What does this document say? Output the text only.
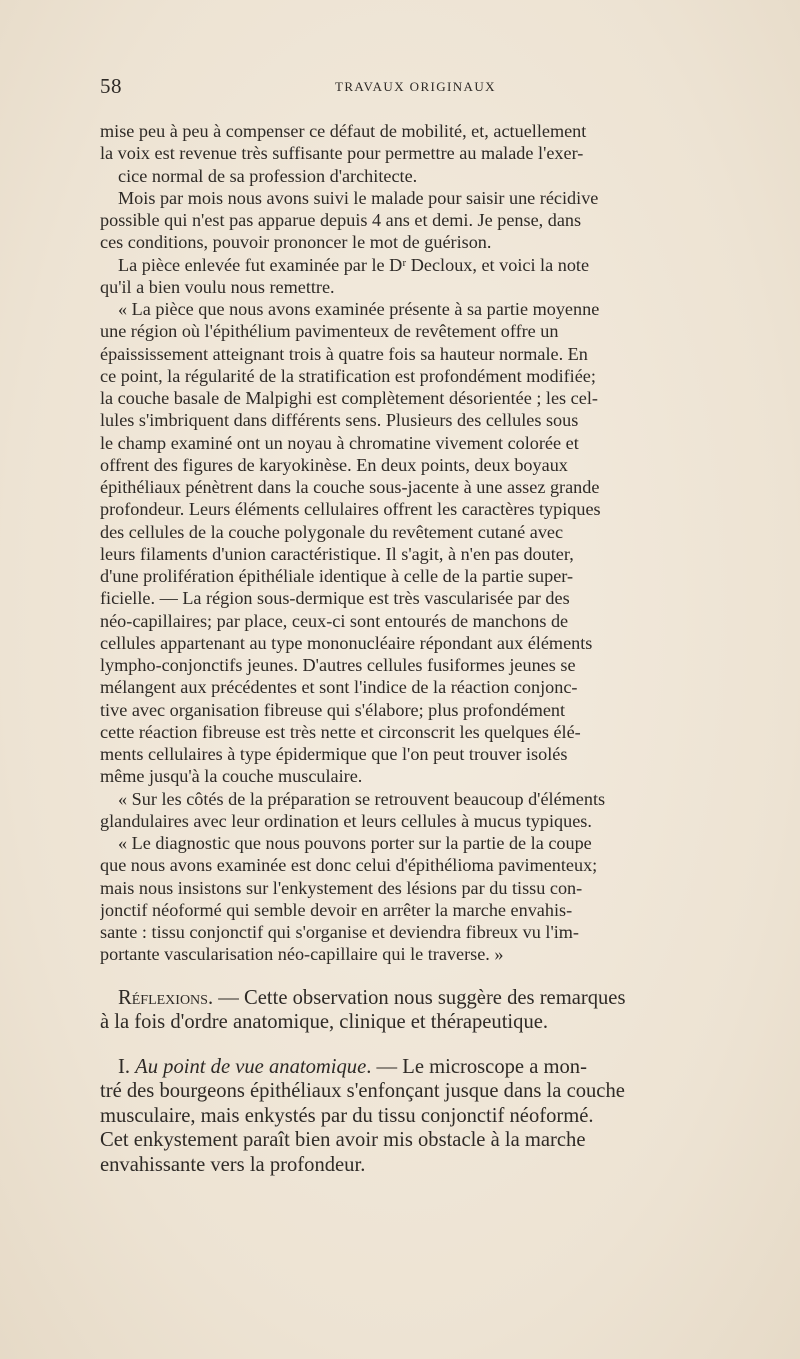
58	TRAVAUX ORIGINAUX
mise peu à peu à compenser ce défaut de mobilité, et, actuellement
la voix est revenue très suffisante pour permettre au malade l'exer-
cice normal de sa profession d'architecte.
Mois par mois nous avons suivi le malade pour saisir une récidive
possible qui n'est pas apparue depuis 4 ans et demi. Je pense, dans
ces conditions, pouvoir prononcer le mot de guérison.
La pièce enlevée fut examinée par le Dʳ Decloux, et voici la note
qu'il a bien voulu nous remettre.
« La pièce que nous avons examinée présente à sa partie moyenne
une région où l'épithélium pavimenteux de revêtement offre un
épaississement atteignant trois à quatre fois sa hauteur normale. En
ce point, la régularité de la stratification est profondément modifiée;
la couche basale de Malpighi est complètement désorientée ; les cel-
lules s'imbriquent dans différents sens. Plusieurs des cellules sous
le champ examiné ont un noyau à chromatine vivement colorée et
offrent des figures de karyokinèse. En deux points, deux boyaux
épithéliaux pénètrent dans la couche sous-jacente à une assez grande
profondeur. Leurs éléments cellulaires offrent les caractères typiques
des cellules de la couche polygonale du revêtement cutané avec
leurs filaments d'union caractéristique. Il s'agit, à n'en pas douter,
d'une prolifération épithéliale identique à celle de la partie super-
ficielle. — La région sous-dermique est très vascularisée par des
néo-capillaires; par place, ceux-ci sont entourés de manchons de
cellules appartenant au type mononucléaire répondant aux éléments
lympho-conjonctifs jeunes. D'autres cellules fusiformes jeunes se
mélangent aux précédentes et sont l'indice de la réaction conjonc-
tive avec organisation fibreuse qui s'élabore; plus profondément
cette réaction fibreuse est très nette et circonscrit les quelques élé-
ments cellulaires à type épidermique que l'on peut trouver isolés
même jusqu'à la couche musculaire.
« Sur les côtés de la préparation se retrouvent beaucoup d'éléments
glandulaires avec leur ordination et leurs cellules à mucus typiques.
« Le diagnostic que nous pouvons porter sur la partie de la coupe
que nous avons examinée est donc celui d'épithélioma pavimenteux;
mais nous insistons sur l'enkystement des lésions par du tissu con-
jonctif néoformé qui semble devoir en arrêter la marche envahis-
sante : tissu conjonctif qui s'organise et deviendra fibreux vu l'im-
portante vascularisation néo-capillaire qui le traverse. »
Réflexions. — Cette observation nous suggère des remarques
à la fois d'ordre anatomique, clinique et thérapeutique.
I. Au point de vue anatomique. — Le microscope a mon-
tré des bourgeons épithéliaux s'enfonçant jusque dans la couche
musculaire, mais enkystés par du tissu conjonctif néoformé.
Cet enkystement paraît bien avoir mis obstacle à la marche
envahissante vers la profondeur.
